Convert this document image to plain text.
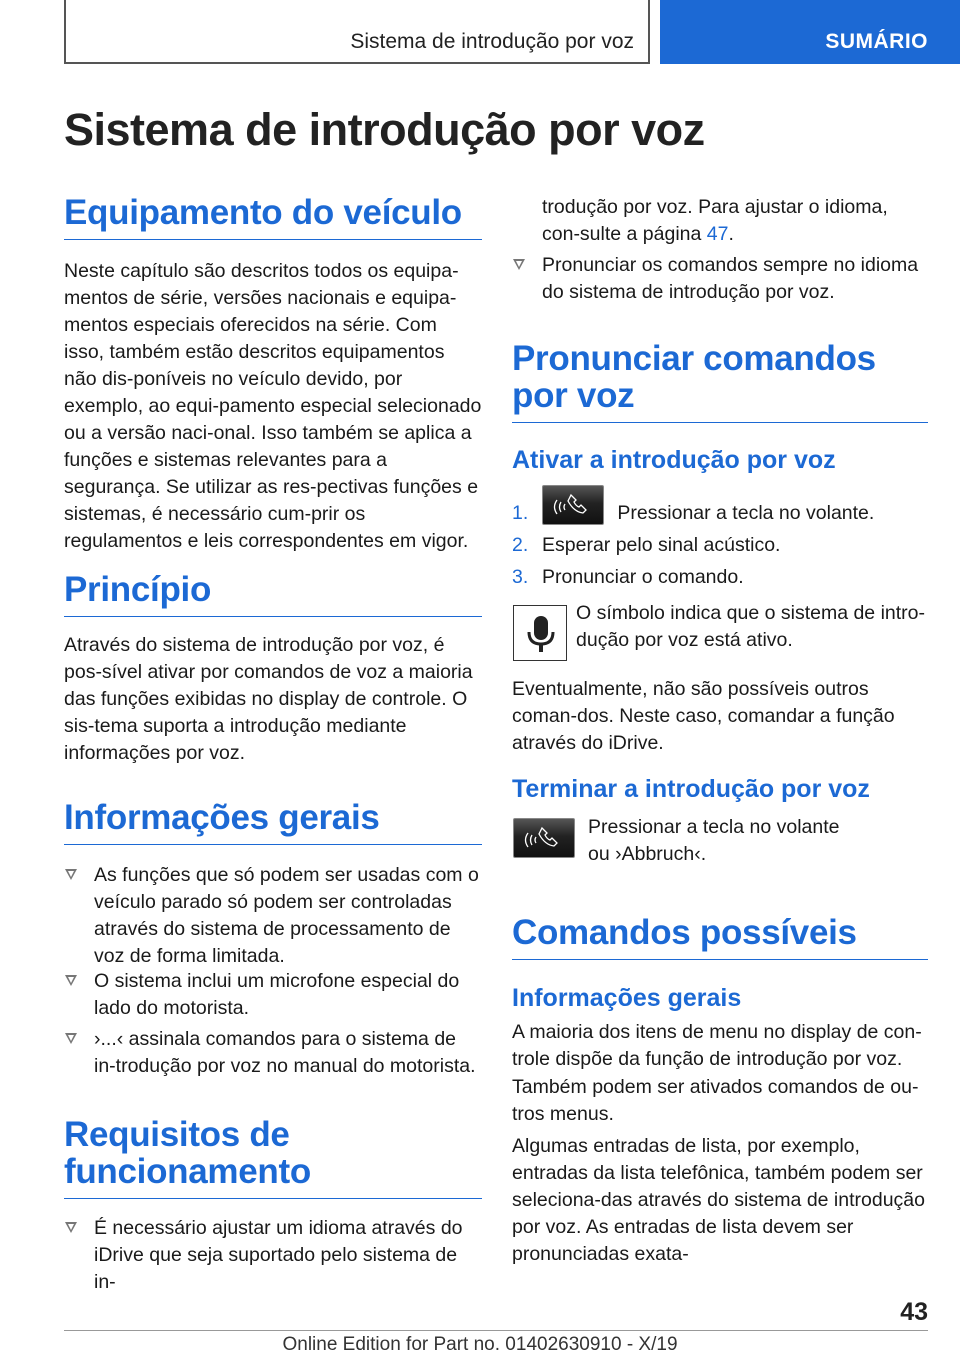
Sistema de introdução por voz	SUMÁRIO
Sistema de introdução por voz
Equipamento do veículo

Neste capítulo são descritos todos os equipa-mentos de série, versões nacionais e equipa-mentos especiais oferecidos na série. Com isso, também estão descritos equipamentos não dis-poníveis no veículo devido, por exemplo, ao equi-pamento especial selecionado ou a versão naci-onal. Isso também se aplica a funções e sistemas relevantes para a segurança. Se utilizar as res-pectivas funções e sistemas, é necessário cum-prir os regulamentos e leis correspondentes em vigor.

Princípio

Através do sistema de introdução por voz, é pos-sível ativar por comandos de voz a maioria das funções exibidas no display de controle. O sis-tema suporta a introdução mediante informações por voz.

Informações gerais
As funções que só podem ser usadas com o veículo parado só podem ser controladas através do sistema de processamento de voz de forma limitada.
O sistema inclui um microfone especial do lado do motorista.
›...‹ assinala comandos para o sistema de in-trodução por voz no manual do motorista.
Requisitos de funcionamento
É necessário ajustar um idioma através do iDrive que seja suportado pelo sistema de in-

trodução por voz. Para ajustar o idioma, con-sulte a página 47.

Pronunciar os comandos sempre no idioma do sistema de introdução por voz.
Pronunciar comandos por voz
Ativar a introdução por voz
1.	Pressionar a tecla no volante.
2. Esperar pelo sinal acústico.
3. Pronunciar o comando.

O símbolo indica que o sistema de intro-dução por voz está ativo.

Eventualmente, não são possíveis outros coman-dos. Neste caso, comandar a função através do iDrive.

Terminar a introdução por voz

Pressionar a tecla no volante
ou ›Abbruch‹.

Comandos possíveis
Informações gerais

A maioria dos itens de menu no display de con-trole dispõe da função de introdução por voz.

Também podem ser ativados comandos de ou-tros menus.

Algumas entradas de lista, por exemplo, entradas da lista telefônica, também podem ser seleciona-das através do sistema de introdução por voz. As entradas de lista devem ser pronunciadas exata-

43
Online Edition for Part no. 01402630910 - X/19
